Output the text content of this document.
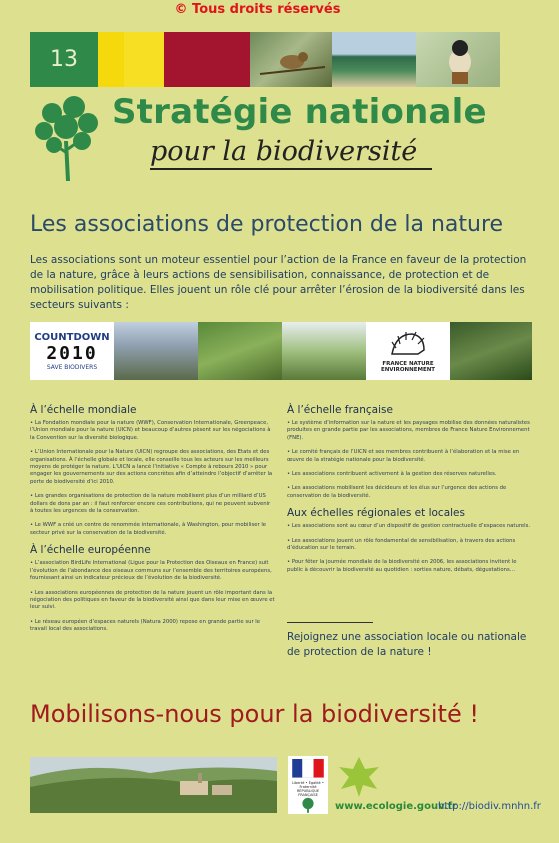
© Tous droits réservés
13
Stratégie nationale
pour la biodiversité
Les associations de protection de la nature
Les associations sont un moteur essentiel pour l’action de la France en faveur de la protection de la nature, grâce à leurs actions de sensibilisation, connaissance, de protection et de mobilisation politique. Elles jouent un rôle clé pour arrêter l’érosion de la biodiversité dans les secteurs suivants :
COUNTDOWN
2010
SAVE BIODIVERS	FRANCE NATURE
ENVIRONNEMENT
À l’échelle mondiale
• La Fondation mondiale pour la nature (WWF), Conservation Internationale, Greenpeace, l’Union mondiale pour la nature (UICN) et beaucoup d’autres pèsent sur les négociations à la Convention sur la diversité biologique.
• L’Union Internationale pour la Nature (UICN) regroupe des associations, des Etats et des organisations. À l’échelle globale et locale, elle conseille tous les acteurs sur les meilleurs moyens de protéger la nature. L’UICN a lancé l’initiative « Compte à rebours 2010 » pour engager les gouvernements sur des actions concrètes afin d’atteindre l’objectif d’arrêter la perte de biodiversité d’ici 2010.
• Les grandes organisations de protection de la nature mobilisent plus d’un milliard d’US dollars de dons par an : il faut renforcer encore ces contributions, qui ne peuvent subvenir à toutes les urgences de la conservation.
• Le WWF a créé un centre de renommée internationale, à Washington, pour mobiliser le secteur privé sur la conservation de la biodiversité.
À l’échelle européenne
• L’association BirdLife International (Ligue pour la Protection des Oiseaux en France) suit l’évolution de l’abondance des oiseaux communs sur l’ensemble des territoires européens, fournissant ainsi un indicateur précieux de l’évolution de la biodiversité.
• Les associations européennes de protection de la nature jouent un rôle important dans la négociation des politiques en faveur de la biodiversité ainsi que dans leur mise en œuvre et leur suivi.
• Le réseau européen d’espaces naturels (Natura 2000) repose en grande partie sur le travail local des associations.
À l’échelle française
• Le système d’information sur la nature et les paysages mobilise des données naturalistes produites en grande partie par les associations, membres de France Nature Environnement (FNE).
• Le comité français de l’UICN et ses membres contribuent à l’élaboration et la mise en œuvre de la stratégie nationale pour la biodiversité.
• Les associations contribuent activement à la gestion des réserves naturelles.
• Les associations mobilisent les décideurs et les élus sur l’urgence des actions de conservation de la biodiversité.
Aux échelles régionales et locales
• Les associations sont au cœur d’un dispositif de gestion contractuelle d’espaces naturels.
• Les associations jouent un rôle fondamental de sensibilisation, à travers des actions d’éducation sur le terrain.
• Pour fêter la journée mondiale de la biodiversité en 2006, les associations invitent le public à découvrir la biodiversité au quotidien : sorties nature, débats, dégustations…
Rejoignez une association locale ou nationale de protection de la nature !
Mobilisons-nous pour la biodiversité !
Liberté • Égalité • Fraternité
RÉPUBLIQUE FRANÇAISE
www.ecologie.gouv.fr
http://biodiv.mnhn.fr
